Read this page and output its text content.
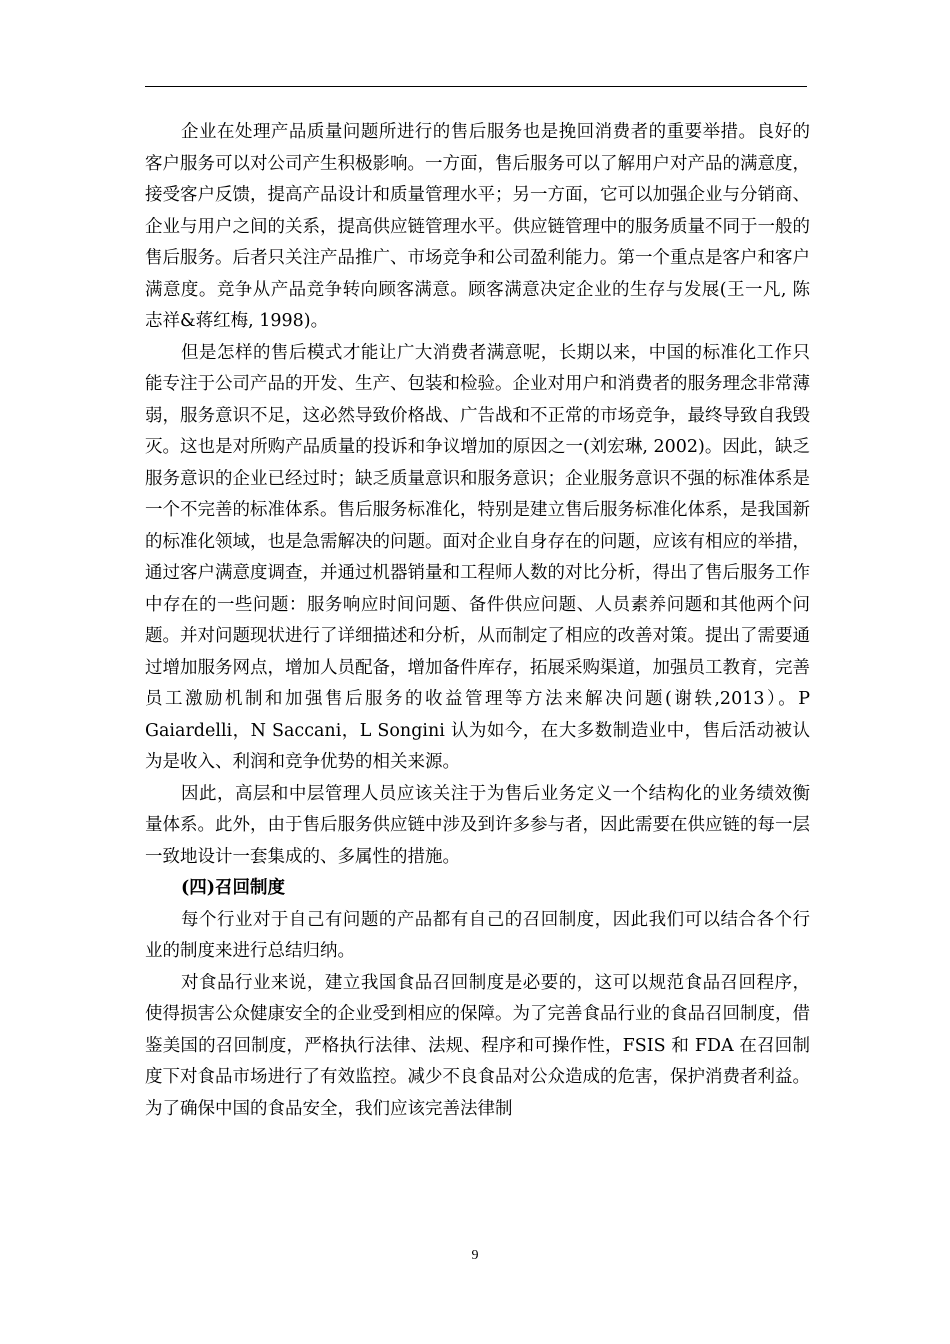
企业在处理产品质量问题所进行的售后服务也是挽回消费者的重要举措。良好的客户服务可以对公司产生积极影响。一方面，售后服务可以了解用户对产品的满意度，接受客户反馈，提高产品设计和质量管理水平；另一方面，它可以加强企业与分销商、企业与用户之间的关系，提高供应链管理水平。供应链管理中的服务质量不同于一般的售后服务。后者只关注产品推广、市场竞争和公司盈利能力。第一个重点是客户和客户满意度。竞争从产品竞争转向顾客满意。顾客满意决定企业的生存与发展(王一凡, 陈志祥&蒋红梅, 1998)。

但是怎样的售后模式才能让广大消费者满意呢，长期以来，中国的标准化工作只能专注于公司产品的开发、生产、包装和检验。企业对用户和消费者的服务理念非常薄弱，服务意识不足，这必然导致价格战、广告战和不正常的市场竞争，最终导致自我毁灭。这也是对所购产品质量的投诉和争议增加的原因之一(刘宏琳, 2002)。因此，缺乏服务意识的企业已经过时；缺乏质量意识和服务意识；企业服务意识不强的标准体系是一个不完善的标准体系。售后服务标准化，特别是建立售后服务标准化体系，是我国新的标准化领域，也是急需解决的问题。面对企业自身存在的问题，应该有相应的举措，通过客户满意度调查，并通过机器销量和工程师人数的对比分析，得出了售后服务工作中存在的一些问题：服务响应时间问题、备件供应问题、人员素养问题和其他两个问题。并对问题现状进行了详细描述和分析，从而制定了相应的改善对策。提出了需要通过增加服务网点，增加人员配备，增加备件库存，拓展采购渠道，加强员工教育，完善员工激励机制和加强售后服务的收益管理等方法来解决问题(谢轶,2013）。P Gaiardelli，N Saccani，L Songini 认为如今，在大多数制造业中，售后活动被认为是收入、利润和竞争优势的相关来源。

因此，高层和中层管理人员应该关注于为售后业务定义一个结构化的业务绩效衡量体系。此外，由于售后服务供应链中涉及到许多参与者，因此需要在供应链的每一层一致地设计一套集成的、多属性的措施。

(四)召回制度

每个行业对于自己有问题的产品都有自己的召回制度，因此我们可以结合各个行业的制度来进行总结归纳。

对食品行业来说，建立我国食品召回制度是必要的，这可以规范食品召回程序，使得损害公众健康安全的企业受到相应的保障。为了完善食品行业的食品召回制度，借鉴美国的召回制度，严格执行法律、法规、程序和可操作性，FSIS 和 FDA 在召回制度下对食品市场进行了有效监控。减少不良食品对公众造成的危害，保护消费者利益。为了确保中国的食品安全，我们应该完善法律制

9
